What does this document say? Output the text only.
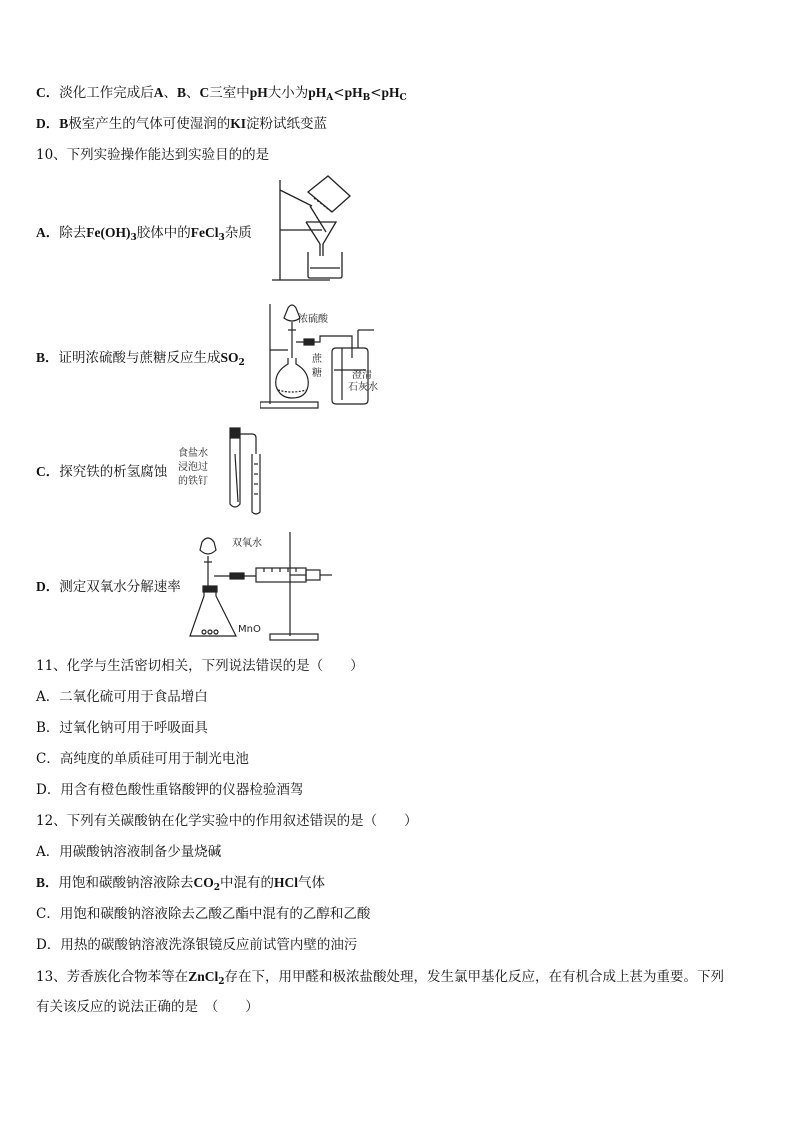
C．淡化工作完成后A、B、C三室中pH大小为$pH_A<pH_B<pH_C$
D．B极室产生的气体可使湿润的KI淀粉试纸变蓝
10、下列实验操作能达到实验目的的是
A．除去$Fe(OH)_3$胶体中的FeCl$_3$杂质
B．证明浓硫酸与蔗糖反应生成$SO_2$
浓硫酸
蔗
糖	澄清
石灰水
C．探究铁的析氢腐蚀
食盐水
浸泡过
的铁钉
D．测定双氧水分解速率
双氧水
MnO
11、化学与生活密切相关，下列说法错误的是（　　）
A．二氧化硫可用于食品增白
B．过氧化钠可用于呼吸面具
C．高纯度的单质硅可用于制光电池
D．用含有橙色酸性重铬酸钾的仪器检验酒驾
12、下列有关碳酸钠在化学实验中的作用叙述错误的是（　　）
A．用碳酸钠溶液制备少量烧碱
B．用饱和碳酸钠溶液除去$CO_2$中混有的HCl气体
C．用饱和碳酸钠溶液除去乙酸乙酯中混有的乙醇和乙酸
D．用热的碳酸钠溶液洗涤银镜反应前试管内壁的油污
13、芳香族化合物苯等在ZnCl$_2$存在下，用甲醛和极浓盐酸处理，发生氯甲基化反应，在有机合成上甚为重要。下列
有关该反应的说法正确的是　（　　）
